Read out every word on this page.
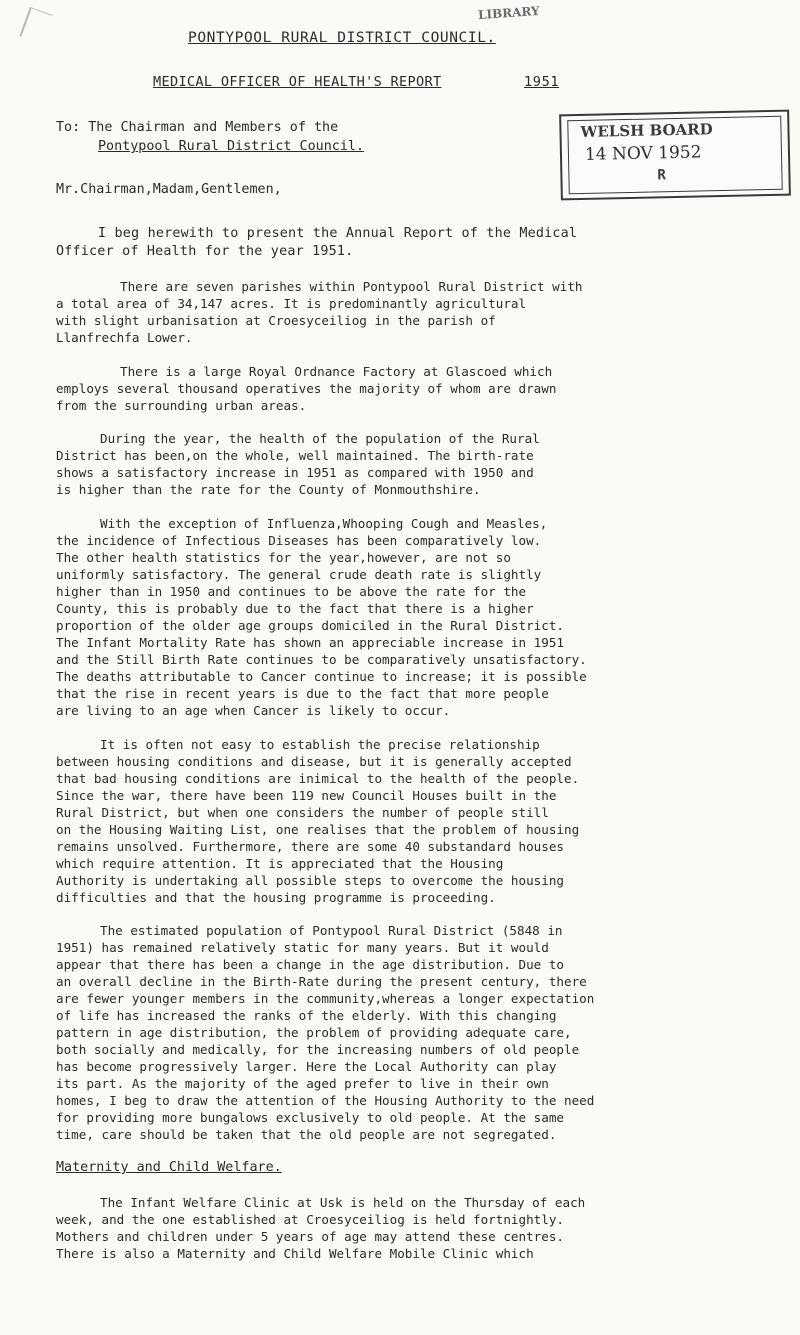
LIBRARY
PONTYPOOL RURAL DISTRICT COUNCIL.
MEDICAL OFFICER OF HEALTH'S REPORT	1951
WELSH BOARD
14 NOV 1952
R
To: The Chairman and Members of the
Pontypool Rural District Council.
Mr.Chairman,Madam,Gentlemen,
I beg herewith to present the Annual Report of the Medical
Officer of Health for the year 1951.
There are seven parishes within Pontypool Rural District with
a total area of 34,147 acres. It is predominantly agricultural
with slight urbanisation at Croesyceiliog in the parish of
Llanfrechfa Lower.
There is a large Royal Ordnance Factory at Glascoed which
employs several thousand operatives the majority of whom are drawn
from the surrounding urban areas.
During the year, the health of the population of the Rural
District has been,on the whole, well maintained. The birth-rate
shows a satisfactory increase in 1951 as compared with 1950 and
is higher than the rate for the County of Monmouthshire.
With the exception of Influenza,Whooping Cough and Measles,
the incidence of Infectious Diseases has been comparatively low.
The other health statistics for the year,however, are not so
uniformly satisfactory. The general crude death rate is slightly
higher than in 1950 and continues to be above the rate for the
County, this is probably due to the fact that there is a higher
proportion of the older age groups domiciled in the Rural District.
The Infant Mortality Rate has shown an appreciable increase in 1951
and the Still Birth Rate continues to be comparatively unsatisfactory.
The deaths attributable to Cancer continue to increase; it is possible
that the rise in recent years is due to the fact that more people
are living to an age when Cancer is likely to occur.
It is often not easy to establish the precise relationship
between housing conditions and disease, but it is generally accepted
that bad housing conditions are inimical to the health of the people.
Since the war, there have been 119 new Council Houses built in the
Rural District, but when one considers the number of people still
on the Housing Waiting List, one realises that the problem of housing
remains unsolved. Furthermore, there are some 40 substandard houses
which require attention. It is appreciated that the Housing
Authority is undertaking all possible steps to overcome the housing
difficulties and that the housing programme is proceeding.
The estimated population of Pontypool Rural District (5848 in
1951) has remained relatively static for many years. But it would
appear that there has been a change in the age distribution. Due to
an overall decline in the Birth-Rate during the present century, there
are fewer younger members in the community,whereas a longer expectation
of life has increased the ranks of the elderly. With this changing
pattern in age distribution, the problem of providing adequate care,
both socially and medically, for the increasing numbers of old people
has become progressively larger. Here the Local Authority can play
its part. As the majority of the aged prefer to live in their own
homes, I beg to draw the attention of the Housing Authority to the need
for providing more bungalows exclusively to old people. At the same
time, care should be taken that the old people are not segregated.
Maternity and Child Welfare.
The Infant Welfare Clinic at Usk is held on the Thursday of each
week, and the one established at Croesyceiliog is held fortnightly.
Mothers and children under 5 years of age may attend these centres.
There is also a Maternity and Child Welfare Mobile Clinic which
